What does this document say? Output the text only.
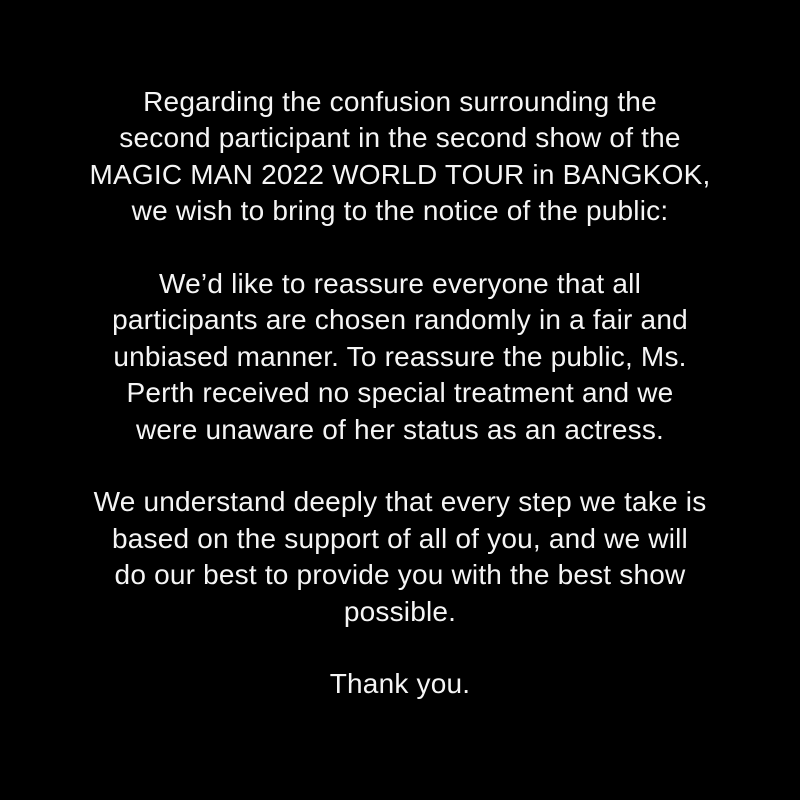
Regarding the confusion surrounding the
second participant in the second show of the
MAGIC MAN 2022 WORLD TOUR in BANGKOK,
we wish to bring to the notice of the public:
We’d like to reassure everyone that all
participants are chosen randomly in a fair and
unbiased manner. To reassure the public, Ms.
Perth received no special treatment and we
were unaware of her status as an actress.
We understand deeply that every step we take is
based on the support of all of you, and we will
do our best to provide you with the best show
possible.
Thank you.
